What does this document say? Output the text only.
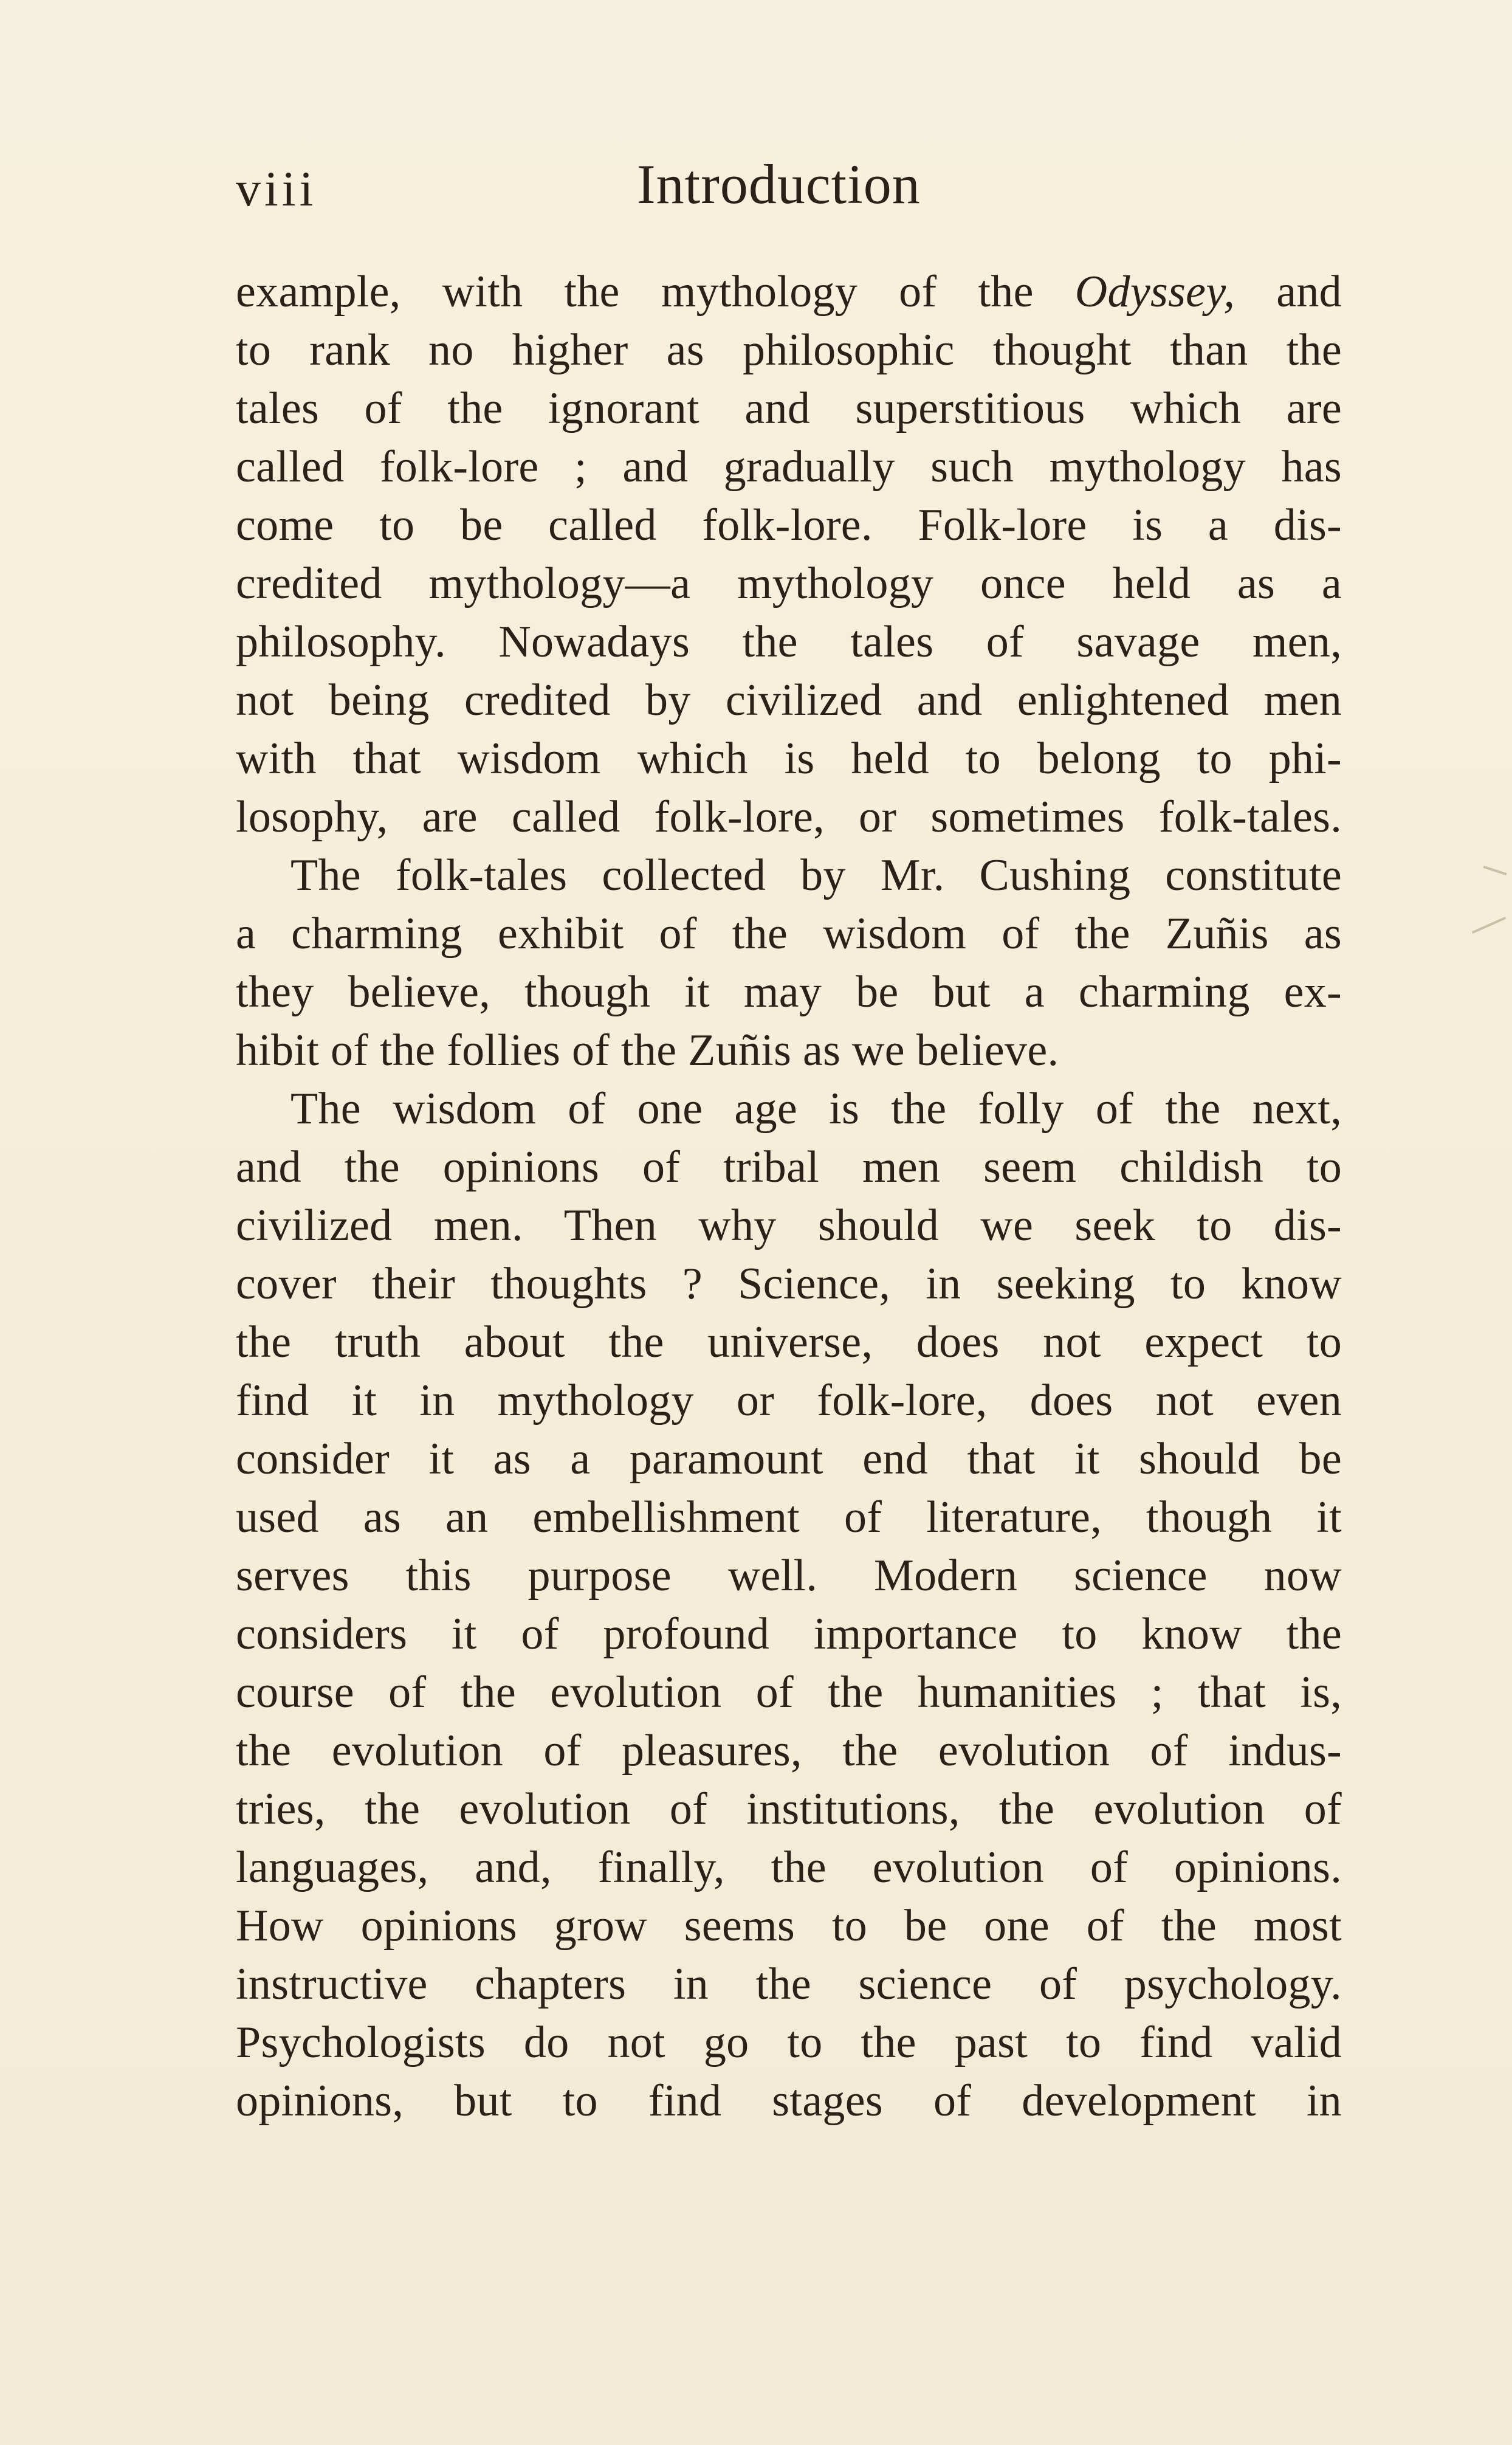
viii	Introduction
example, with the mythology of the Odyssey, and
to rank no higher as philosophic thought than the
tales of the ignorant and superstitious which are
called folk-lore ; and gradually such mythology has
come to be called folk-lore. Folk-lore is a dis-
credited mythology—a mythology once held as a
philosophy. Nowadays the tales of savage men,
not being credited by civilized and enlightened men
with that wisdom which is held to belong to phi-
losophy, are called folk-lore, or sometimes folk-tales.
The folk-tales collected by Mr. Cushing constitute
a charming exhibit of the wisdom of the Zuñis as
they believe, though it may be but a charming ex-
hibit of the follies of the Zuñis as we believe.
The wisdom of one age is the folly of the next,
and the opinions of tribal men seem childish to
civilized men. Then why should we seek to dis-
cover their thoughts ? Science, in seeking to know
the truth about the universe, does not expect to
find it in mythology or folk-lore, does not even
consider it as a paramount end that it should be
used as an embellishment of literature, though it
serves this purpose well. Modern science now
considers it of profound importance to know the
course of the evolution of the humanities ; that is,
the evolution of pleasures, the evolution of indus-
tries, the evolution of institutions, the evolution of
languages, and, finally, the evolution of opinions.
How opinions grow seems to be one of the most
instructive chapters in the science of psychology.
Psychologists do not go to the past to find valid
opinions, but to find stages of development in
